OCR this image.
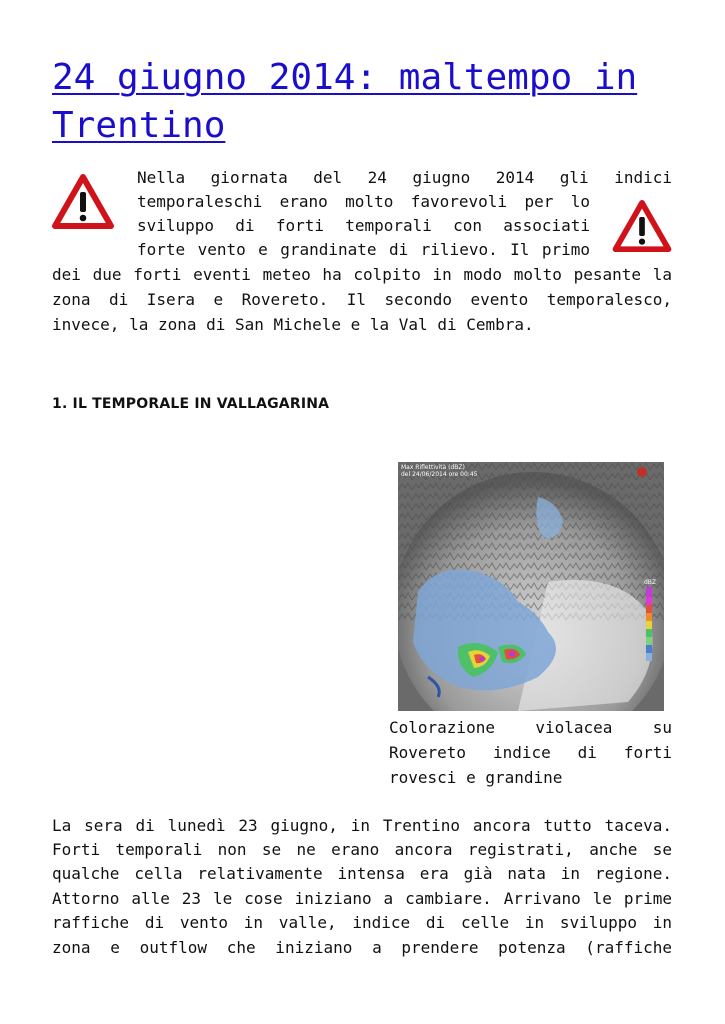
24 giugno 2014: maltempo in Trentino
Nella giornata del 24 giugno 2014 gli indici
temporaleschi erano molto favorevoli per lo
sviluppo di forti temporali con associati
forte vento e grandinate di rilievo. Il primo
dei due forti eventi meteo ha colpito in modo molto pesante la
zona di Isera e Rovereto. Il secondo evento temporalesco,
invece, la zona di San Michele e la Val di Cembra.
1. IL TEMPORALE IN VALLAGARINA
Max Riflettività (dBZ)
del 24/06/2014 ore 00:45
dBZ
Colorazione violacea su
Rovereto indice di forti
rovesci e grandine
La sera di lunedì 23 giugno, in Trentino ancora tutto taceva.
Forti temporali non se ne erano ancora registrati, anche se
qualche cella relativamente intensa era già nata in regione.
Attorno alle 23 le cose iniziano a cambiare. Arrivano le prime
raffiche di vento in valle, indice di celle in sviluppo in
zona e outflow che iniziano a prendere potenza (raffiche
